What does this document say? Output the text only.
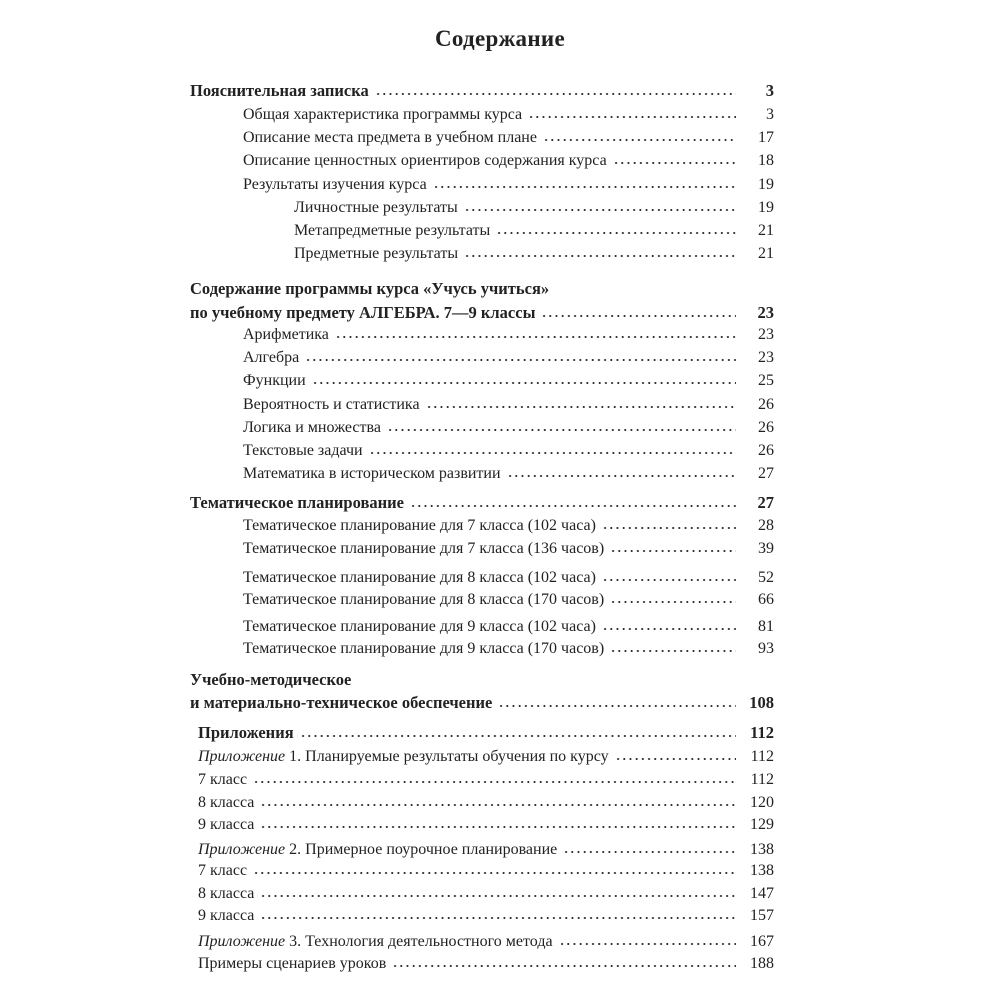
Содержание
Пояснительная записка	3
Общая характеристика программы курса	3
Описание места предмета в учебном плане	17
Описание ценностных ориентиров содержания курса	18
Результаты изучения курса	19
Личностные результаты	19
Метапредметные результаты	21
Предметные результаты	21
Содержание программы курса «Учусь учиться»
по учебному предмету АЛГЕБРА. 7—9 классы	23
Арифметика	23
Алгебра	23
Функции	25
Вероятность и статистика	26
Логика и множества	26
Текстовые задачи	26
Математика в историческом развитии	27
Тематическое планирование	27
Тематическое планирование для 7 класса (102 часа)	28
Тематическое планирование для 7 класса (136 часов)	39
Тематическое планирование для 8 класса (102 часа)	52
Тематическое планирование для 8 класса (170 часов)	66
Тематическое планирование для 9 класса (102 часа)	81
Тематическое планирование для 9 класса (170 часов)	93
Учебно-методическое
и материально-техническое обеспечение	108
Приложения	112
Приложение 1. Планируемые результаты обучения по курсу	112
7 класс	112
8 класса	120
9 класса	129
Приложение 2. Примерное поурочное планирование	138
7 класс	138
8 класса	147
9 класса	157
Приложение 3. Технология деятельностного метода	167
Примеры сценариев уроков	188
